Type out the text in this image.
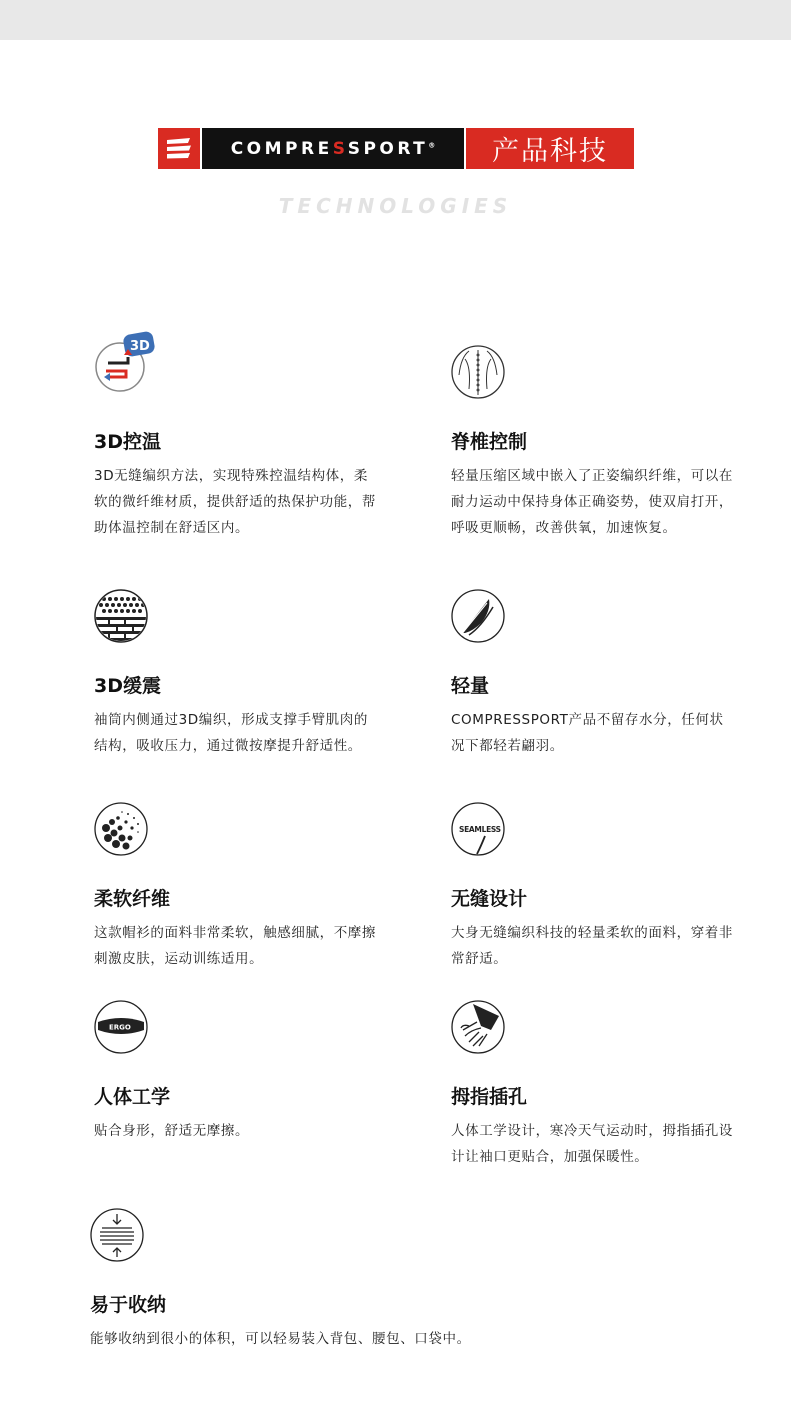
COMPRESSPORT®	产品科技
TECHNOLOGIES
3D
3D控温
3D无缝编织方法，实现特殊控温结构体，柔软的微纤维材质，提供舒适的热保护功能，帮助体温控制在舒适区内。
脊椎控制
轻量压缩区域中嵌入了正姿编织纤维，可以在耐力运动中保持身体正确姿势，使双肩打开，呼吸更顺畅，改善供氧，加速恢复。
3D缓震
袖筒内侧通过3D编织，形成支撑手臂肌肉的结构，吸收压力，通过微按摩提升舒适性。
轻量
COMPRESSPORT产品不留存水分，任何状况下都轻若翩羽。
柔软纤维
这款帽衫的面料非常柔软，触感细腻，不摩擦刺激皮肤，运动训练适用。
SEAMLESS
无缝设计
大身无缝编织科技的轻量柔软的面料，穿着非常舒适。
ERGO
人体工学
贴合身形，舒适无摩擦。
拇指插孔
人体工学设计，寒冷天气运动时，拇指插孔设计让袖口更贴合，加强保暖性。
易于收纳
能够收纳到很小的体积，可以轻易装入背包、腰包、口袋中。
